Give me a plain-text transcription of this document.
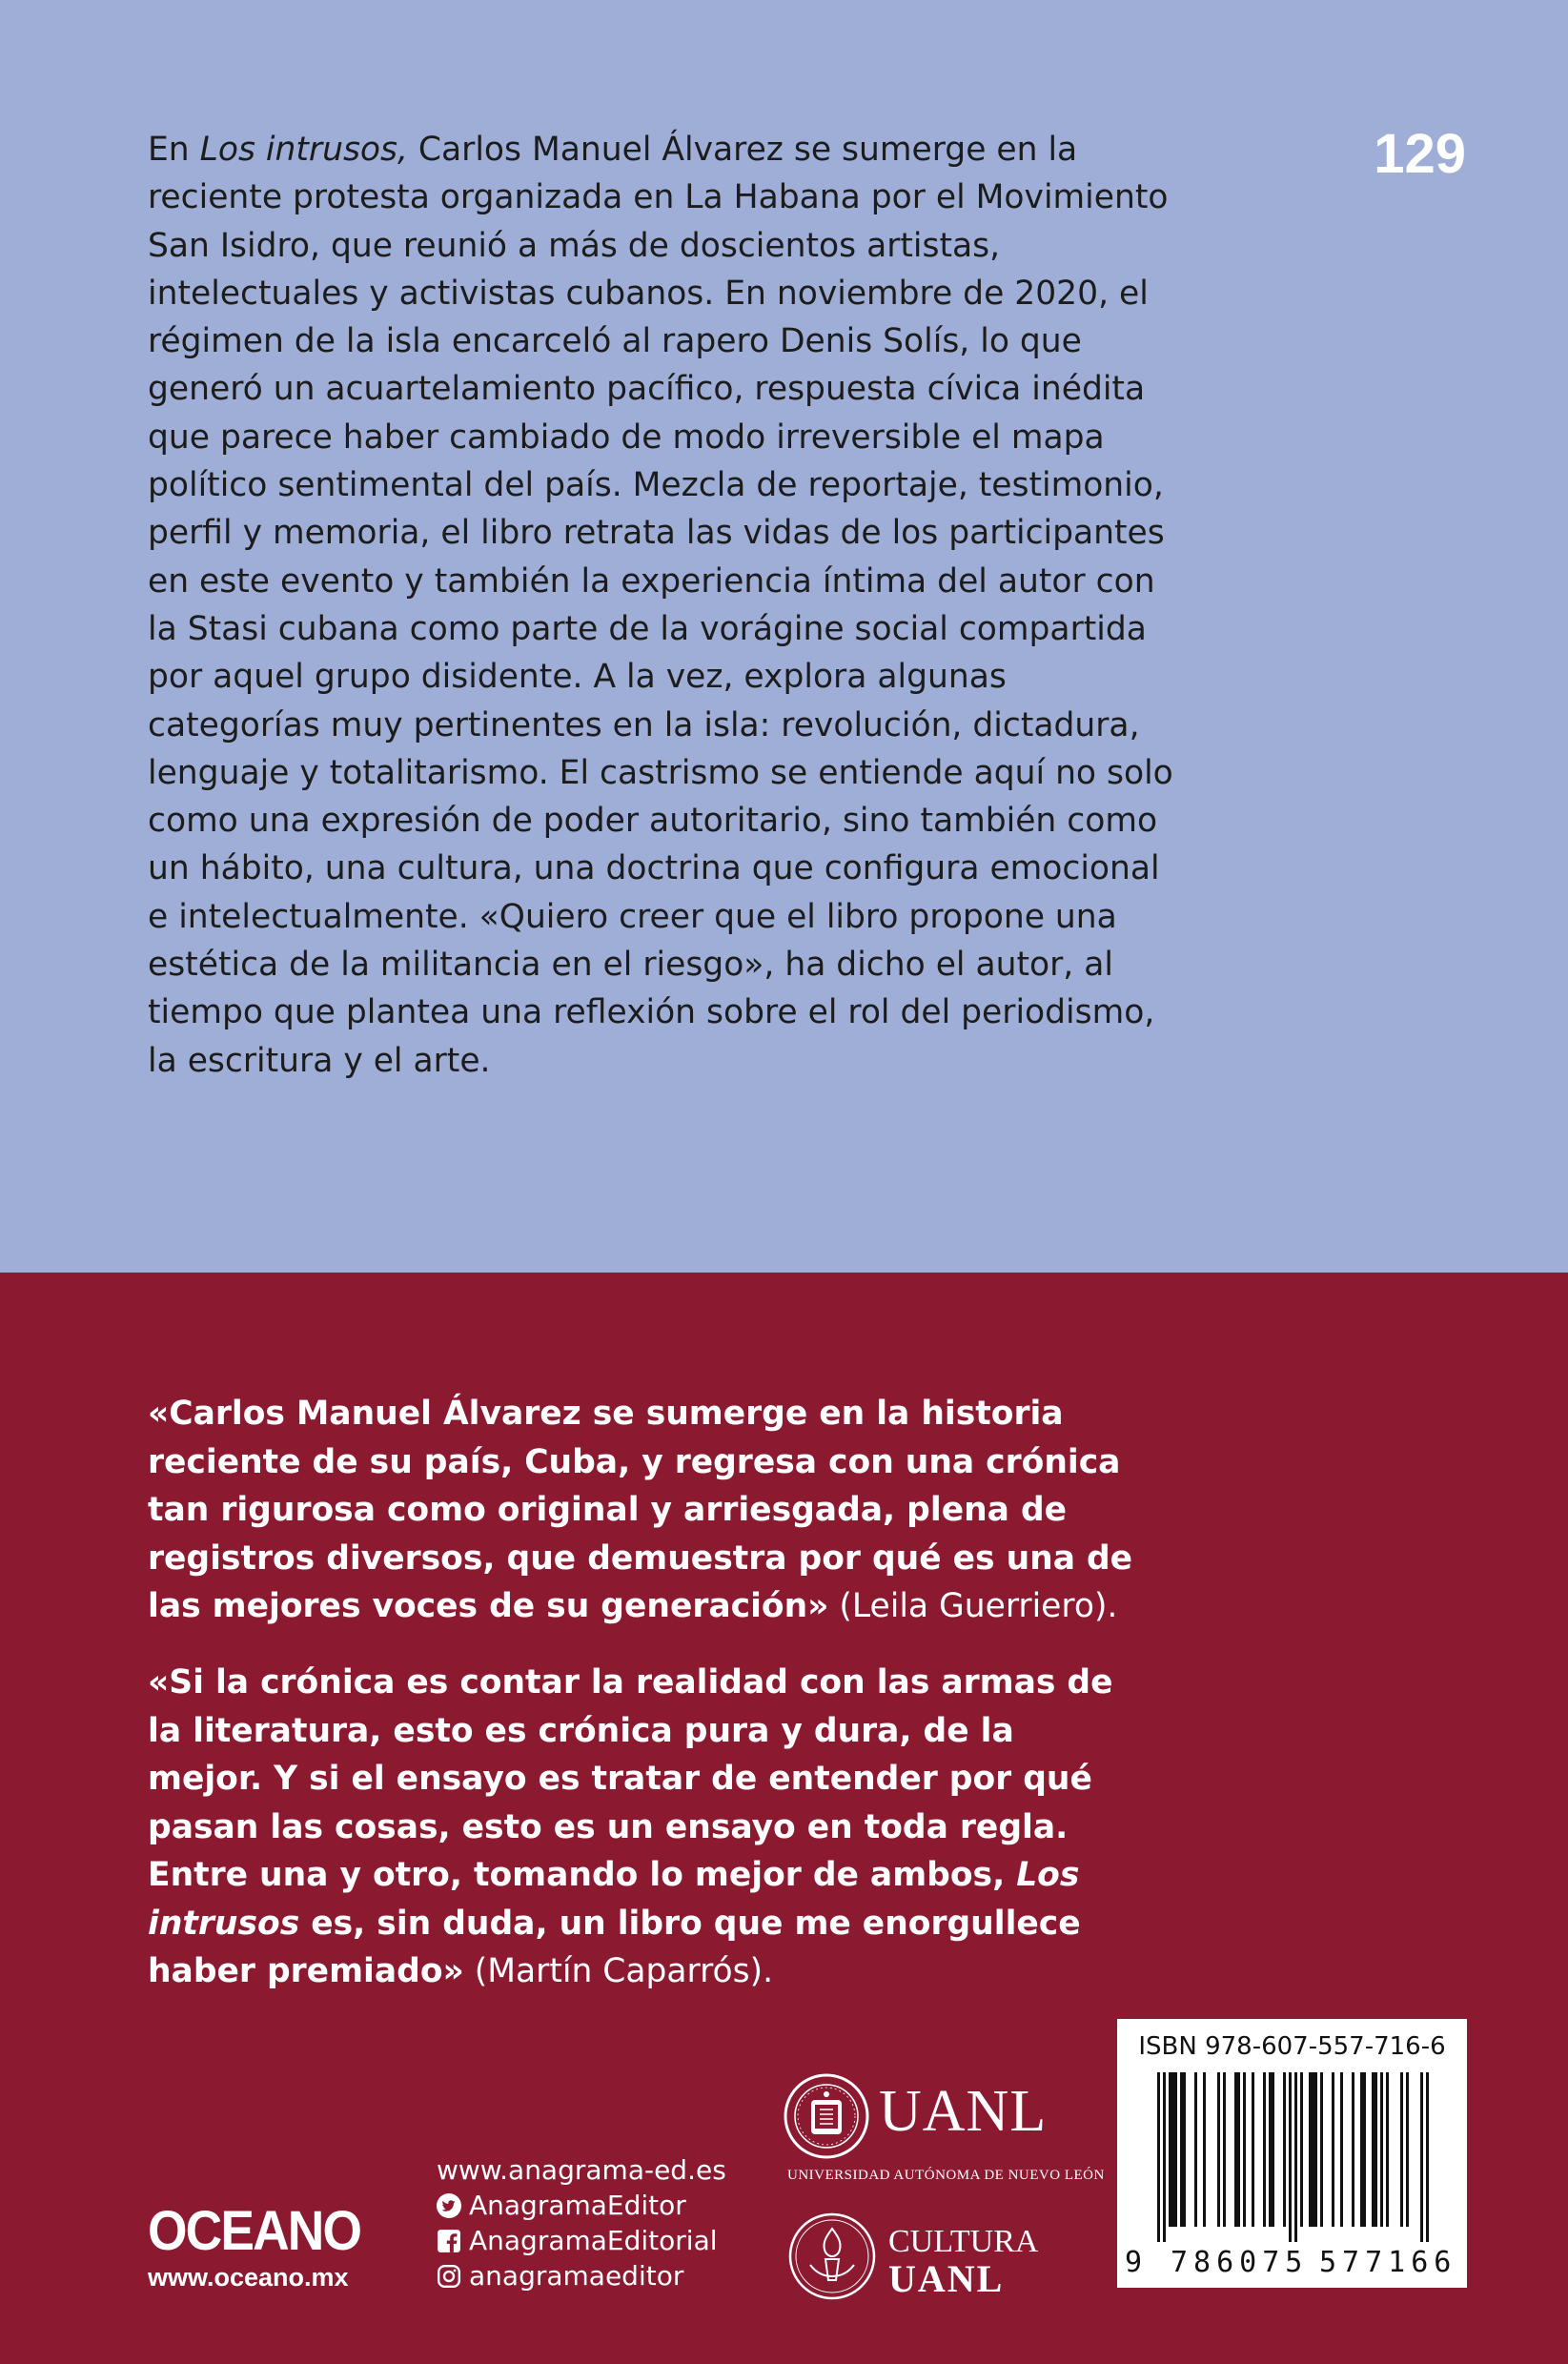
129

En Los intrusos, Carlos Manuel Álvarez se sumerge en la reciente protesta organizada en La Habana por el Movimiento San Isidro, que reunió a más de doscientos artistas, intelectuales y activistas cubanos. En noviembre de 2020, el régimen de la isla encarceló al rapero Denis Solís, lo que generó un acuartelamiento pacífico, respuesta cívica inédita que parece haber cambiado de modo irreversible el mapa político sentimental del país. Mezcla de reportaje, testimonio, perfil y memoria, el libro retrata las vidas de los participantes en este evento y también la experiencia íntima del autor con la Stasi cubana como parte de la vorágine social compartida por aquel grupo disidente. A la vez, explora algunas categorías muy pertinentes en la isla: revolución, dictadura, lenguaje y totalitarismo. El castrismo se entiende aquí no solo como una expresión de poder autoritario, sino también como un hábito, una cultura, una doctrina que configura emocional e intelectualmente. «Quiero creer que el libro propone una estética de la militancia en el riesgo», ha dicho el autor, al tiempo que plantea una reflexión sobre el rol del periodismo, la escritura y el arte.

«Carlos Manuel Álvarez se sumerge en la historia reciente de su país, Cuba, y regresa con una crónica tan rigurosa como original y arriesgada, plena de registros diversos, que demuestra por qué es una de las mejores voces de su generación» (Leila Guerriero).

«Si la crónica es contar la realidad con las armas de la literatura, esto es crónica pura y dura, de la mejor. Y si el ensayo es tratar de entender por qué pasan las cosas, esto es un ensayo en toda regla. Entre una y otro, tomando lo mejor de ambos, Los intrusos es, sin duda, un libro que me enorgullece haber premiado» (Martín Caparrós).

OCEANO
www.oceano.mx
www.anagrama-ed.es
AnagramaEditor
AnagramaEditorial
anagramaeditor
UANL
UNIVERSIDAD AUTÓNOMA DE NUEVO LEÓN
CULTURA
UANL
ISBN 978-607-557-716-6
9 786075 577166
